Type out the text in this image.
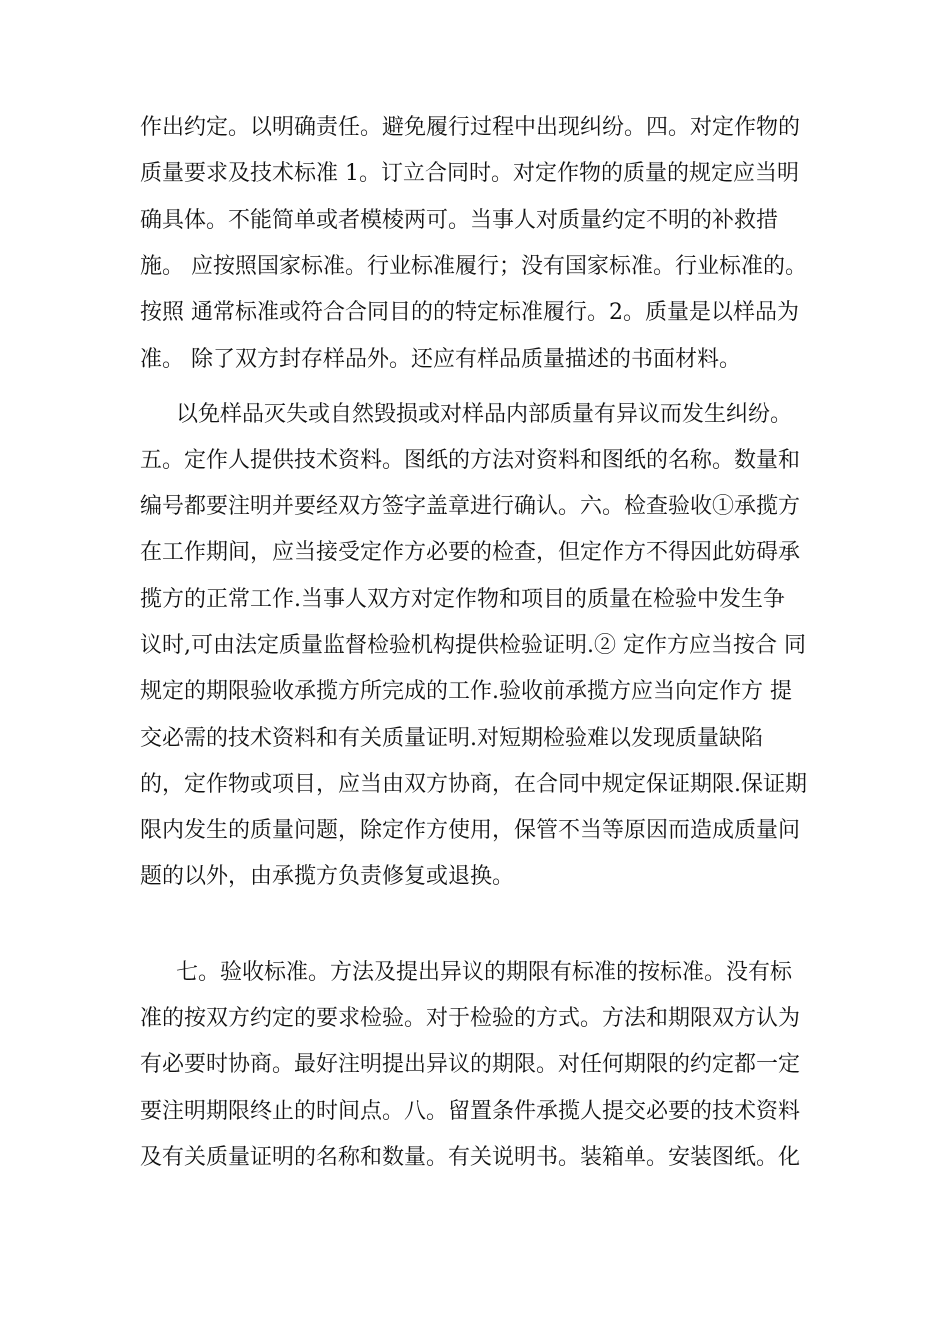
作出约定。以明确责任。避免履行过程中出现纠纷。四。对定作物的
质量要求及技术标准 1。订立合同时。对定作物的质量的规定应当明
确具体。不能简单或者模棱两可。当事人对质量约定不明的补救措
施。 应按照国家标准。行业标准履行；没有国家标准。行业标准的。
按照 通常标准或符合合同目的的特定标准履行。2。质量是以样品为
准。 除了双方封存样品外。还应有样品质量描述的书面材料。
以免样品灭失或自然毁损或对样品内部质量有异议而发生纠纷。
五。定作人提供技术资料。图纸的方法对资料和图纸的名称。数量和
编号都要注明并要经双方签字盖章进行确认。六。检查验收①承揽方
在工作期间，应当接受定作方必要的检查，但定作方不得因此妨碍承
揽方的正常工作.当事人双方对定作物和项目的质量在检验中发生争
议时,可由法定质量监督检验机构提供检验证明.② 定作方应当按合 同
规定的期限验收承揽方所完成的工作.验收前承揽方应当向定作方 提
交必需的技术资料和有关质量证明.对短期检验难以发现质量缺陷
的，定作物或项目，应当由双方协商，在合同中规定保证期限.保证期
限内发生的质量问题，除定作方使用，保管不当等原因而造成质量问
题的以外，由承揽方负责修复或退换。
七。验收标准。方法及提出异议的期限有标准的按标准。没有标
准的按双方约定的要求检验。对于检验的方式。方法和期限双方认为
有必要时协商。最好注明提出异议的期限。对任何期限的约定都一定
要注明期限终止的时间点。八。留置条件承揽人提交必要的技术资料
及有关质量证明的名称和数量。有关说明书。装箱单。安装图纸。化
